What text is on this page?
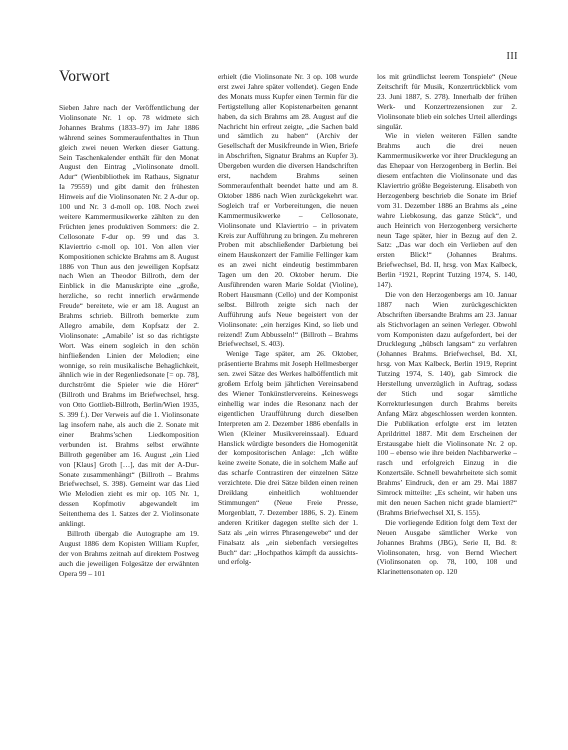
III
Vorwort

Sieben Jahre nach der Veröffentlichung der Violinsonate Nr. 1 op. 78 widmete sich Johannes Brahms (1833–97) im Jahr 1886 während seines Sommeraufenthaltes in Thun gleich zwei neuen Werken dieser Gattung. Sein Taschenkalender enthält für den Monat August den Eintrag „Violinsonate dmoll. Adur“ (Wienbibliothek im Rathaus, Signatur Ia 79559) und gibt damit den frühesten Hinweis auf die Violinsonaten Nr. 2 A-dur op. 100 und Nr. 3 d-moll op. 108. Noch zwei weitere Kammermusikwerke zählten zu den Früchten jenes produktiven Sommers: die 2. Cellosonate F-dur op. 99 und das 3. Klaviertrio c-moll op. 101. Von allen vier Kompositionen schickte Brahms am 8. August 1886 von Thun aus den jeweiligen Kopfsatz nach Wien an Theodor Billroth, dem der Einblick in die Manuskripte eine „große, herzliche, so recht innerlich erwärmende Freude“ bereitete, wie er am 18. August an Brahms schrieb. Billroth bemerkte zum Allegro amabile, dem Kopfsatz der 2. Violinsonate: „Amabile’ ist so das richtigste Wort. Was einem sogleich in den schön hinfließenden Linien der Melodien; eine wonnige, so rein musikalische Behaglichkeit, ähnlich wie in der Regenliedsonate [= op. 78], durchströmt die Spieler wie die Hörer“ (Billroth und Brahms im Briefwechsel, hrsg. von Otto Gottlieb-Billroth, Berlin/Wien 1935, S. 399 f.). Der Verweis auf die 1. Violinsonate lag insofern nahe, als auch die 2. Sonate mit einer Brahms’schen Liedkomposition verbunden ist. Brahms selbst erwähnte Billroth gegenüber am 16. August „ein Lied von [Klaus] Groth […], das mit der A-Dur-Sonate zusammenhängt“ (Billroth – Brahms Briefwechsel, S. 398). Gemeint war das Lied Wie Melodien zieht es mir op. 105 Nr. 1, dessen Kopfmotiv abgewandelt im Seitenthema des 1. Satzes der 2. Violinsonate anklingt.

Billroth übergab die Autographe am 19. August 1886 dem Kopisten William Kupfer, der von Brahms zeitnah auf direktem Postweg auch die jeweiligen Folgesätze der erwähnten Opera 99 – 101

erhielt (die Violinsonate Nr. 3 op. 108 wurde erst zwei Jahre später vollendet). Gegen Ende des Monats muss Kupfer einen Termin für die Fertigstellung aller Kopistenarbeiten genannt haben, da sich Brahms am 28. August auf die Nachricht hin erfreut zeigte, „die Sachen bald und sämtlich zu haben“ (Archiv der Gesellschaft der Musikfreunde in Wien, Briefe in Abschriften, Signatur Brahms an Kupfer 3). Übergeben wurden die diversen Handschriften erst, nachdem Brahms seinen Sommeraufenthalt beendet hatte und am 8. Oktober 1886 nach Wien zurückgekehrt war. Sogleich traf er Vorbereitungen, die neuen Kammermusikwerke – Cellosonate, Violinsonate und Klaviertrio – in privatem Kreis zur Aufführung zu bringen. Zu mehreren Proben mit abschließender Darbietung bei einem Hauskonzert der Familie Fellinger kam es an zwei nicht eindeutig bestimmbaren Tagen um den 20. Oktober herum. Die Ausführenden waren Marie Soldat (Violine), Robert Hausmann (Cello) und der Komponist selbst. Billroth zeigte sich nach der Aufführung aufs Neue begeistert von der Violinsonate: „ein herziges Kind, so lieb und reizend! Zum Abbusseln!“ (Billroth – Brahms Briefwechsel, S. 403).

Wenige Tage später, am 26. Oktober, präsentierte Brahms mit Joseph Hellmesberger sen. zwei Sätze des Werkes halböffentlich mit großem Erfolg beim jährlichen Vereinsabend des Wiener Tonkünstlervereins. Keineswegs einhellig war indes die Resonanz nach der eigentlichen Uraufführung durch dieselben Interpreten am 2. Dezember 1886 ebenfalls in Wien (Kleiner Musikvereinssaal). Eduard Hanslick würdigte besonders die Homogenität der kompositorischen Anlage: „Ich wüßte keine zweite Sonate, die in solchem Maße auf das scharfe Contrastiren der einzelnen Sätze verzichtete. Die drei Sätze bilden einen reinen Dreiklang einheitlich wohltuender Stimmungen“ (Neue Freie Presse, Morgenblatt, 7. Dezember 1886, S. 2). Einem anderen Kritiker dagegen stellte sich der 1. Satz als „ein wirres Phrasengewebe“ und der Finalsatz als „ein siebenfach versiegeltes Buch“ dar: „Hochpathos kämpft da aussichts- und erfolg-

los mit gründlichst leerem Tonspiele“ (Neue Zeitschrift für Musik, Konzertrückblick vom 23. Juni 1887, S. 278). Innerhalb der frühen Werk- und Konzertrezensionen zur 2. Violinsonate blieb ein solches Urteil allerdings singulär.

Wie in vielen weiteren Fällen sandte Brahms auch die drei neuen Kammermusikwerke vor ihrer Drucklegung an das Ehepaar von Herzogenberg in Berlin. Bei diesem entfachten die Violinsonate und das Klaviertrio größte Begeisterung. Elisabeth von Herzogenberg beschrieb die Sonate im Brief vom 31. Dezember 1886 an Brahms als „eine wahre Liebkosung, das ganze Stück“, und auch Heinrich von Herzogenberg versicherte neun Tage später, hier in Bezug auf den 2. Satz: „Das war doch ein Verlieben auf den ersten Blick!“ (Johannes Brahms. Briefwechsel, Bd. II, hrsg. von Max Kalbeck, Berlin ²1921, Reprint Tutzing 1974, S. 140, 147).

Die von den Herzogenbergs am 10. Januar 1887 nach Wien zurückgeschickten Abschriften übersandte Brahms am 23. Januar als Stichvorlagen an seinen Verleger. Obwohl vom Komponisten dazu aufgefordert, bei der Drucklegung „hübsch langsam“ zu verfahren (Johannes Brahms. Briefwechsel, Bd. XI, hrsg. von Max Kalbeck, Berlin 1919, Reprint Tutzing 1974, S. 140), gab Simrock die Herstellung unverzüglich in Auftrag, sodass der Stich und sogar sämtliche Korrekturlesungen durch Brahms bereits Anfang März abgeschlossen werden konnten. Die Publikation erfolgte erst im letzten Aprildrittel 1887. Mit dem Erscheinen der Erstausgabe hielt die Violinsonate Nr. 2 op. 100 – ebenso wie ihre beiden Nachbarwerke – rasch und erfolgreich Einzug in die Konzertsäle. Schnell bewahrheitete sich somit Brahms’ Eindruck, den er am 29. Mai 1887 Simrock mitteilte: „Es scheint, wir haben uns mit den neuen Sachen nicht grade blamiert?“ (Brahms Briefwechsel XI, S. 155).

Die vorliegende Edition folgt dem Text der Neuen Ausgabe sämtlicher Werke von Johannes Brahms (JBG), Serie II, Bd. 8: Violinsonaten, hrsg. von Bernd Wiechert (Violinsonaten op. 78, 100, 108 und Klarinettensonaten op. 120
